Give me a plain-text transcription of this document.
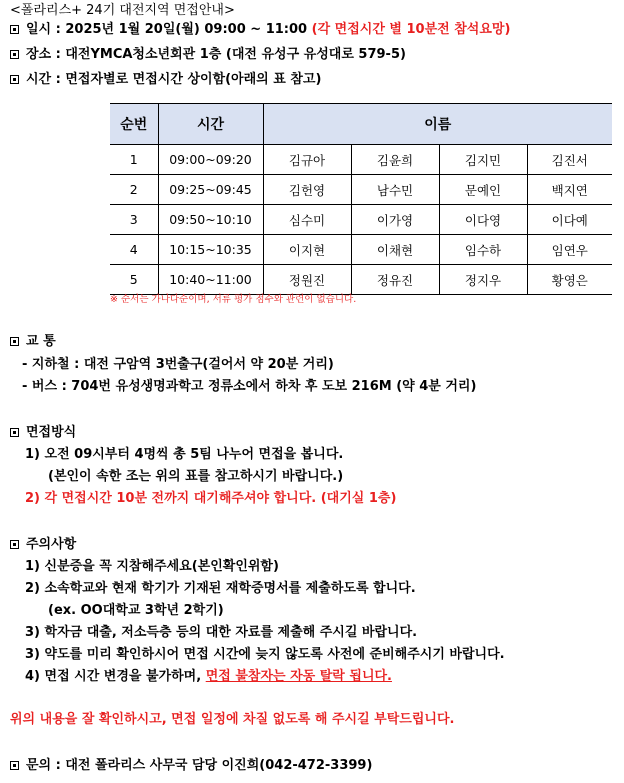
<폴라리스+ 24기 대전지역 면접안내>
일시 : 2025년 1월 20일(월) 09:00 ~ 11:00 (각 면접시간 별 10분전 참석요망)
장소 : 대전YMCA청소년회관 1층 (대전 유성구 유성대로 579-5)
시간 : 면접자별로 면접시간 상이함(아래의 표 참고)
순번	시간	이름			
1	09:00~09:20	김규아	김윤희	김지민	김진서
2	09:25~09:45	김헌영	남수민	문예인	백지연
3	09:50~10:10	심수미	이가영	이다영	이다예
4	10:15~10:35	이지현	이채현	임수하	임연우
5	10:40~11:00	정원진	정유진	정지우	황영은
※ 순서는 가나다순이며, 서류 평가 점수와 관련이 없습니다.
교 통
- 지하철 : 대전 구암역 3번출구(걸어서 약 20분 거리)
- 버스 : 704번 유성생명과학고 정류소에서 하차 후 도보 216M (약 4분 거리)
면접방식
1) 오전 09시부터 4명씩 총 5팀 나누어 면접을 봅니다.
(본인이 속한 조는 위의 표를 참고하시기 바랍니다.)
2) 각 면접시간 10분 전까지 대기해주셔야 합니다. (대기실 1층)
주의사항
1) 신분증을 꼭 지참해주세요(본인확인위함)
2) 소속학교와 현재 학기가 기재된 재학증명서를 제출하도록 합니다.
(ex. OO대학교 3학년 2학기)
3) 학자금 대출, 저소득층 등의 대한 자료를 제출해 주시길 바랍니다.
3) 약도를 미리 확인하시어 면접 시간에 늦지 않도록 사전에 준비해주시기 바랍니다.
4) 면접 시간 변경을 불가하며, 면접 불참자는 자동 탈락 됩니다.
위의 내용을 잘 확인하시고, 면접 일정에 차질 없도록 해 주시길 부탁드립니다.
문의 : 대전 폴라리스 사무국 담당 이진희(042-472-3399)
